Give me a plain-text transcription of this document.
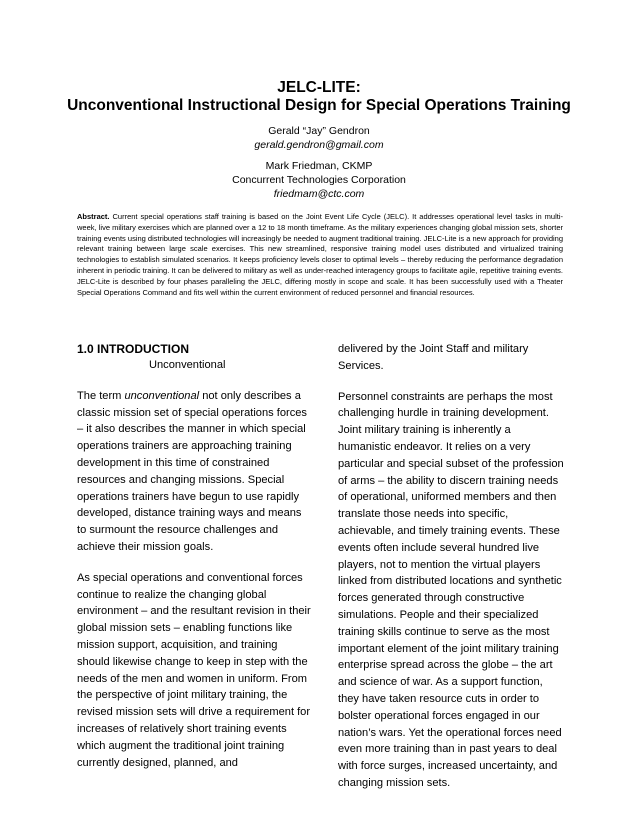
JELC-LITE:
Unconventional Instructional Design for Special Operations Training
Gerald “Jay” Gendron
gerald.gendron@gmail.com
Mark Friedman, CKMP
Concurrent Technologies Corporation
friedmam@ctc.com

Abstract. Current special operations staff training is based on the Joint Event Life Cycle (JELC). It addresses operational level tasks in multi-week, live military exercises which are planned over a 12 to 18 month timeframe. As the military experiences changing global mission sets, shorter training events using distributed technologies will increasingly be needed to augment traditional training. JELC-Lite is a new approach for providing relevant training between large scale exercises. This new streamlined, responsive training model uses distributed and virtualized training technologies to establish simulated scenarios. It keeps proficiency levels closer to optimal levels – thereby reducing the performance degradation inherent in periodic training. It can be delivered to military as well as under-reached interagency groups to facilitate agile, repetitive training events. JELC-Lite is described by four phases paralleling the JELC, differing mostly in scope and scale. It has been successfully used with a Theater Special Operations Command and fits well within the current environment of reduced personnel and financial resources.

1.0 INTRODUCTION

Unconventional

The term unconventional not only describes a classic mission set of special operations forces – it also describes the manner in which special operations trainers are approaching training development in this time of constrained resources and changing missions. Special operations trainers have begun to use rapidly developed, distance training ways and means to surmount the resource challenges and achieve their mission goals.

As special operations and conventional forces continue to realize the changing global environment – and the resultant revision in their global mission sets – enabling functions like mission support, acquisition, and training should likewise change to keep in step with the needs of the men and women in uniform. From the perspective of joint military training, the revised mission sets will drive a requirement for increases of relatively short training events which augment the traditional joint training currently designed, planned, and

delivered by the Joint Staff and military Services.

Personnel constraints are perhaps the most challenging hurdle in training development. Joint military training is inherently a humanistic endeavor. It relies on a very particular and special subset of the profession of arms – the ability to discern training needs of operational, uniformed members and then translate those needs into specific, achievable, and timely training events. These events often include several hundred live players, not to mention the virtual players linked from distributed locations and synthetic forces generated through constructive simulations. People and their specialized training skills continue to serve as the most important element of the joint military training enterprise spread across the globe – the art and science of war. As a support function, they have taken resource cuts in order to bolster operational forces engaged in our nation’s wars. Yet the operational forces need even more training than in past years to deal with force surges, increased uncertainty, and changing mission sets.
